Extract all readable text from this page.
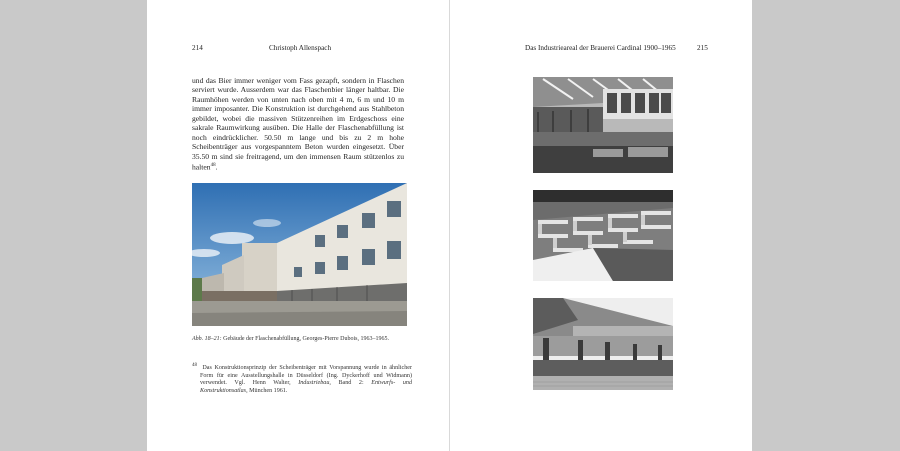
214	Christoph Allenspach

und das Bier immer weniger vom Fass gezapft, sondern in Flaschen serviert wurde. Ausserdem war das Flaschenbier länger haltbar. Die Raumhöhen werden von unten nach oben mit 4 m, 6 m und 10 m immer imposanter. Die Konstruktion ist durchgehend aus Stahlbeton gebildet, wobei die massiven Stützenreihen im Erdgeschoss eine sakrale Raumwirkung ausüben. Die Halle der Flaschenabfüllung ist noch eindrücklicher. 50.50 m lange und bis zu 2 m hohe Scheibenträger aus vorgespanntem Beton wurden eingesetzt. Über 35.50 m sind sie freitragend, um den immensen Raum stützenlos zu halten$^{48}$.

Abb. 18–21: Gebäude der Flaschenabfüllung, Georges-Pierre Dubois, 1963–1965.

$^{48}$ Das Konstruktionsprinzip der Scheibenträger mit Vorspannung wurde in ähnlicher Form für eine Ausstellungshalle in Düsseldorf (Ing. Dyckerhoff und Widmann) verwendet. Vgl. Henn Walter, Industriebau, Band 2: Entwurfs- und Konstruktionsatlas, München 1961.

Das Industrieareal der Brauerei Cardinal 1900–1965	215
